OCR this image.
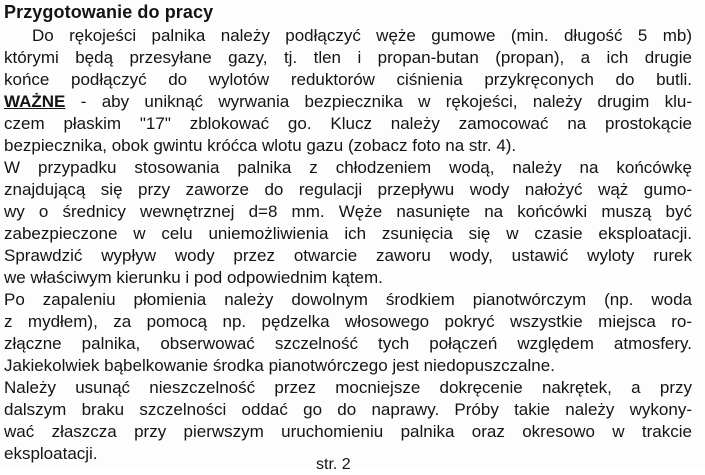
Przygotowanie do pracy
Do rękojeści palnika należy podłączyć węże gumowe (min. długość 5 mb)
którymi będą przesyłane gazy, tj. tlen i propan-butan (propan), a ich drugie
końce podłączyć do wylotów reduktorów ciśnienia przykręconych do butli.
WAŻNE - aby uniknąć wyrwania bezpiecznika w rękojeści, należy drugim klu-
czem płaskim "17" zblokować go. Klucz należy zamocować na prostokącie
bezpiecznika, obok gwintu króćca wlotu gazu (zobacz foto na str. 4).
W przypadku stosowania palnika z chłodzeniem wodą, należy na końcówkę
znajdującą się przy zaworze do regulacji przepływu wody nałożyć wąż gumo-
wy o średnicy wewnętrznej d=8 mm. Węże nasunięte na końcówki muszą być
zabezpieczone w celu uniemożliwienia ich zsunięcia się w czasie eksploatacji.
Sprawdzić wypływ wody przez otwarcie zaworu wody, ustawić wyloty rurek
we właściwym kierunku i pod odpowiednim kątem.
Po zapaleniu płomienia należy dowolnym środkiem pianotwórczym (np. woda
z mydłem), za pomocą np. pędzelka włosowego pokryć wszystkie miejsca ro-
złączne palnika, obserwować szczelność tych połączeń względem atmosfery.
Jakiekolwiek bąbelkowanie środka pianotwórczego jest niedopuszczalne.
Należy usunąć nieszczelność przez mocniejsze dokręcenie nakrętek, a przy
dalszym braku szczelności oddać go do naprawy. Próby takie należy wykony-
wać złaszcza przy pierwszym uruchomieniu palnika oraz okresowo w trakcie
eksploatacji.
str. 2
